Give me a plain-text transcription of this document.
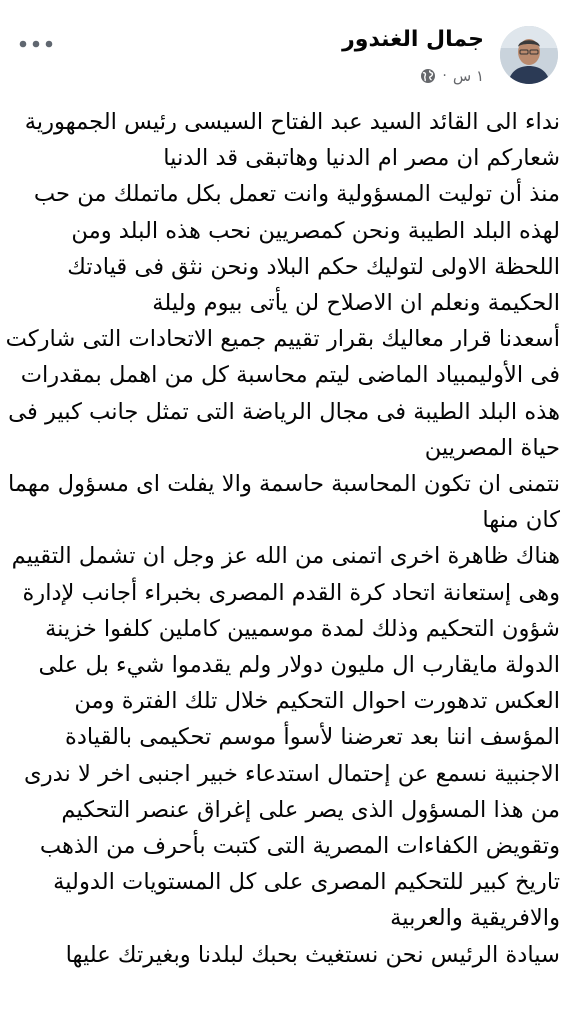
جمال الغندور
١ س
·

نداء الى القائد السيد عبد الفتاح السيسى رئيس الجمهورية

شعاركم ان مصر ام الدنيا وهاتبقى قد الدنيا

منذ أن توليت المسؤولية وانت تعمل بكل ماتملك من حب

لهذه البلد الطيبة ونحن كمصريين نحب هذه البلد ومن

اللحظة الاولى لتوليك حكم البلاد ونحن نثق فى قيادتك

الحكيمة ونعلم ان الاصلاح لن يأتى بيوم وليلة

أسعدنا قرار معاليك بقرار تقييم جميع الاتحادات التى شاركت

فى الأوليمبياد الماضى ليتم محاسبة كل من اهمل بمقدرات

هذه البلد الطيبة فى مجال الرياضة التى تمثل جانب كبير فى

حياة المصريين

نتمنى ان تكون المحاسبة حاسمة والا يفلت اى مسؤول مهما

كان منها

هناك ظاهرة اخرى اتمنى من الله عز وجل ان تشمل التقييم

وهى إستعانة اتحاد كرة القدم المصرى بخبراء أجانب لإدارة

شؤون التحكيم وذلك لمدة موسميين كاملين كلفوا خزينة

الدولة مايقارب ال مليون دولار ولم يقدموا شيء بل على

العكس تدهورت احوال التحكيم خلال تلك الفترة ومن

المؤسف اننا بعد تعرضنا لأسوأ موسم تحكيمى بالقيادة

الاجنبية نسمع عن إحتمال استدعاء خبير اجنبى اخر لا ندرى

من هذا المسؤول الذى يصر على إغراق عنصر التحكيم

وتقويض الكفاءات المصرية التى كتبت بأحرف من الذهب

تاريخ كبير للتحكيم المصرى على كل المستويات الدولية

والافريقية والعربية

سيادة الرئيس نحن نستغيث بحبك لبلدنا وبغيرتك عليها
